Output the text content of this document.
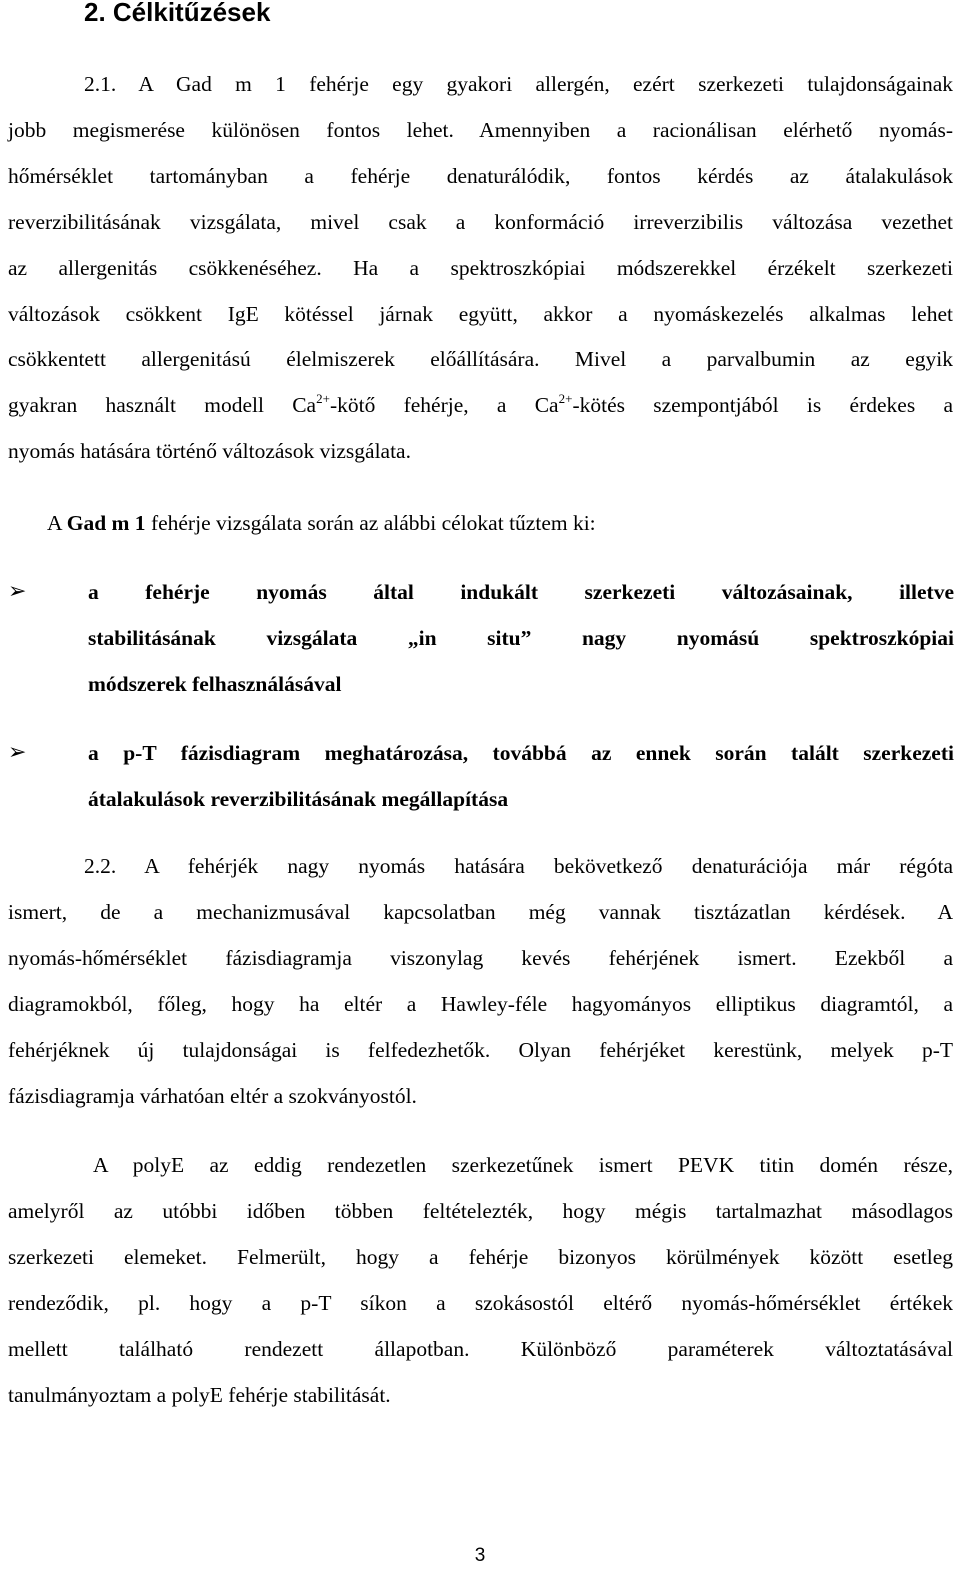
2. Célkitűzések

2.1. A Gad m 1 fehérje egy gyakori allergén, ezért szerkezeti tulajdonságainak
jobb megismerése különösen fontos lehet. Amennyiben a racionálisan elérhető nyomás-
hőmérséklet tartományban a fehérje denaturálódik, fontos kérdés az átalakulások
reverzibilitásának vizsgálata, mivel csak a konformáció irreverzibilis változása vezethet
az allergenitás csökkenéséhez. Ha a spektroszkópiai módszerekkel érzékelt szerkezeti
változások csökkent IgE kötéssel járnak együtt, akkor a nyomáskezelés alkalmas lehet
csökkentett allergenitású élelmiszerek előállítására. Mivel a parvalbumin az egyik
gyakran használt modell $Ca^{2+}$-kötő fehérje, a $Ca^{2+}$-kötés szempontjából is érdekes a
nyomás hatására történő változások vizsgálata.

A Gad m 1 fehérje vizsgálata során az alábbi célokat tűztem ki:

➢	a fehérje nyomás által indukált szerkezeti változásainak, illetve
stabilitásának vizsgálata „in situ” nagy nyomású spektroszkópiai
módszerek felhasználásával
➢	a p-T fázisdiagram meghatározása, továbbá az ennek során talált szerkezeti
átalakulások reverzibilitásának megállapítása

2.2. A fehérjék nagy nyomás hatására bekövetkező denaturációja már régóta
ismert, de a mechanizmusával kapcsolatban még vannak tisztázatlan kérdések. A
nyomás-hőmérséklet fázisdiagramja viszonylag kevés fehérjének ismert. Ezekből a
diagramokból, főleg, hogy ha eltér a Hawley-féle hagyományos elliptikus diagramtól, a
fehérjéknek új tulajdonságai is felfedezhetők. Olyan fehérjéket kerestünk, melyek p-T
fázisdiagramja várhatóan eltér a szokványostól.

A polyE az eddig rendezetlen szerkezetűnek ismert PEVK titin domén része,
amelyről az utóbbi időben többen feltételezték, hogy mégis tartalmazhat másodlagos
szerkezeti elemeket. Felmerült, hogy a fehérje bizonyos körülmények között esetleg
rendeződik, pl. hogy a p-T síkon a szokásostól eltérő nyomás-hőmérséklet értékek
mellett található rendezett állapotban. Különböző paraméterek változtatásával
tanulmányoztam a polyE fehérje stabilitását.

3
